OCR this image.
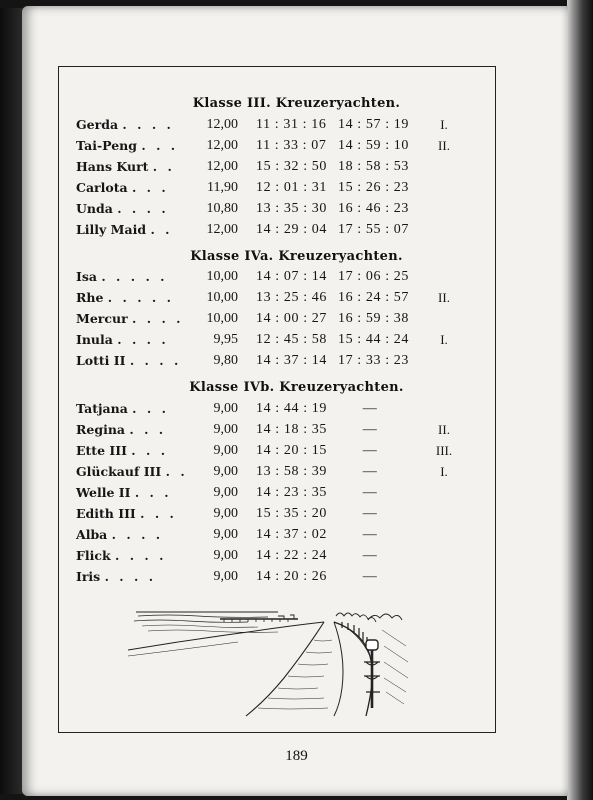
Klasse III. Kreuzeryachten.
Gerda . . . . 12,00 11 : 31 : 16 14 : 57 : 19	I.
Tai-Peng . . . 12,00 11 : 33 : 07 14 : 59 : 10	II.
Hans Kurt . . 12,00 15 : 32 : 50 18 : 58 : 53
Carlota . . .	11,90 12 : 01 : 31 15 : 26 : 23
Unda . . . .	10,80 13 : 35 : 30 16 : 46 : 23
Lilly Maid . . 12,00 14 : 29 : 04 17 : 55 : 07
Klasse IVa. Kreuzeryachten.
Isa . . . . .	10,00 14 : 07 : 14 17 : 06 : 25
Rhe . . . . . 10,00 13 : 25 : 46 16 : 24 : 57	II.
Mercur . . . . 10,00 14 : 00 : 27 16 : 59 : 38
Inula . . . .	9,95 12 : 45 : 58 15 : 44 : 24	I.
Lotti II . . . .	9,80 14 : 37 : 14 17 : 33 : 23
Klasse IVb. Kreuzeryachten.
Tatjana . . .	9,00 14 : 44 : 19	—
Regina . . .	9,00 14 : 18 : 35	—	II.
Ette III . . .	9,00 14 : 20 : 15	—	III.
Glückauf III . .	9,00 13 : 58 : 39	—	I.
Welle II . . .	9,00 14 : 23 : 35	—
Edith III . . .	9,00 15 : 35 : 20	—
Alba . . . .	9,00 14 : 37 : 02	—
Flick . . . .	9,00 14 : 22 : 24	—
Iris . . . .	9,00 14 : 20 : 26	—
189
